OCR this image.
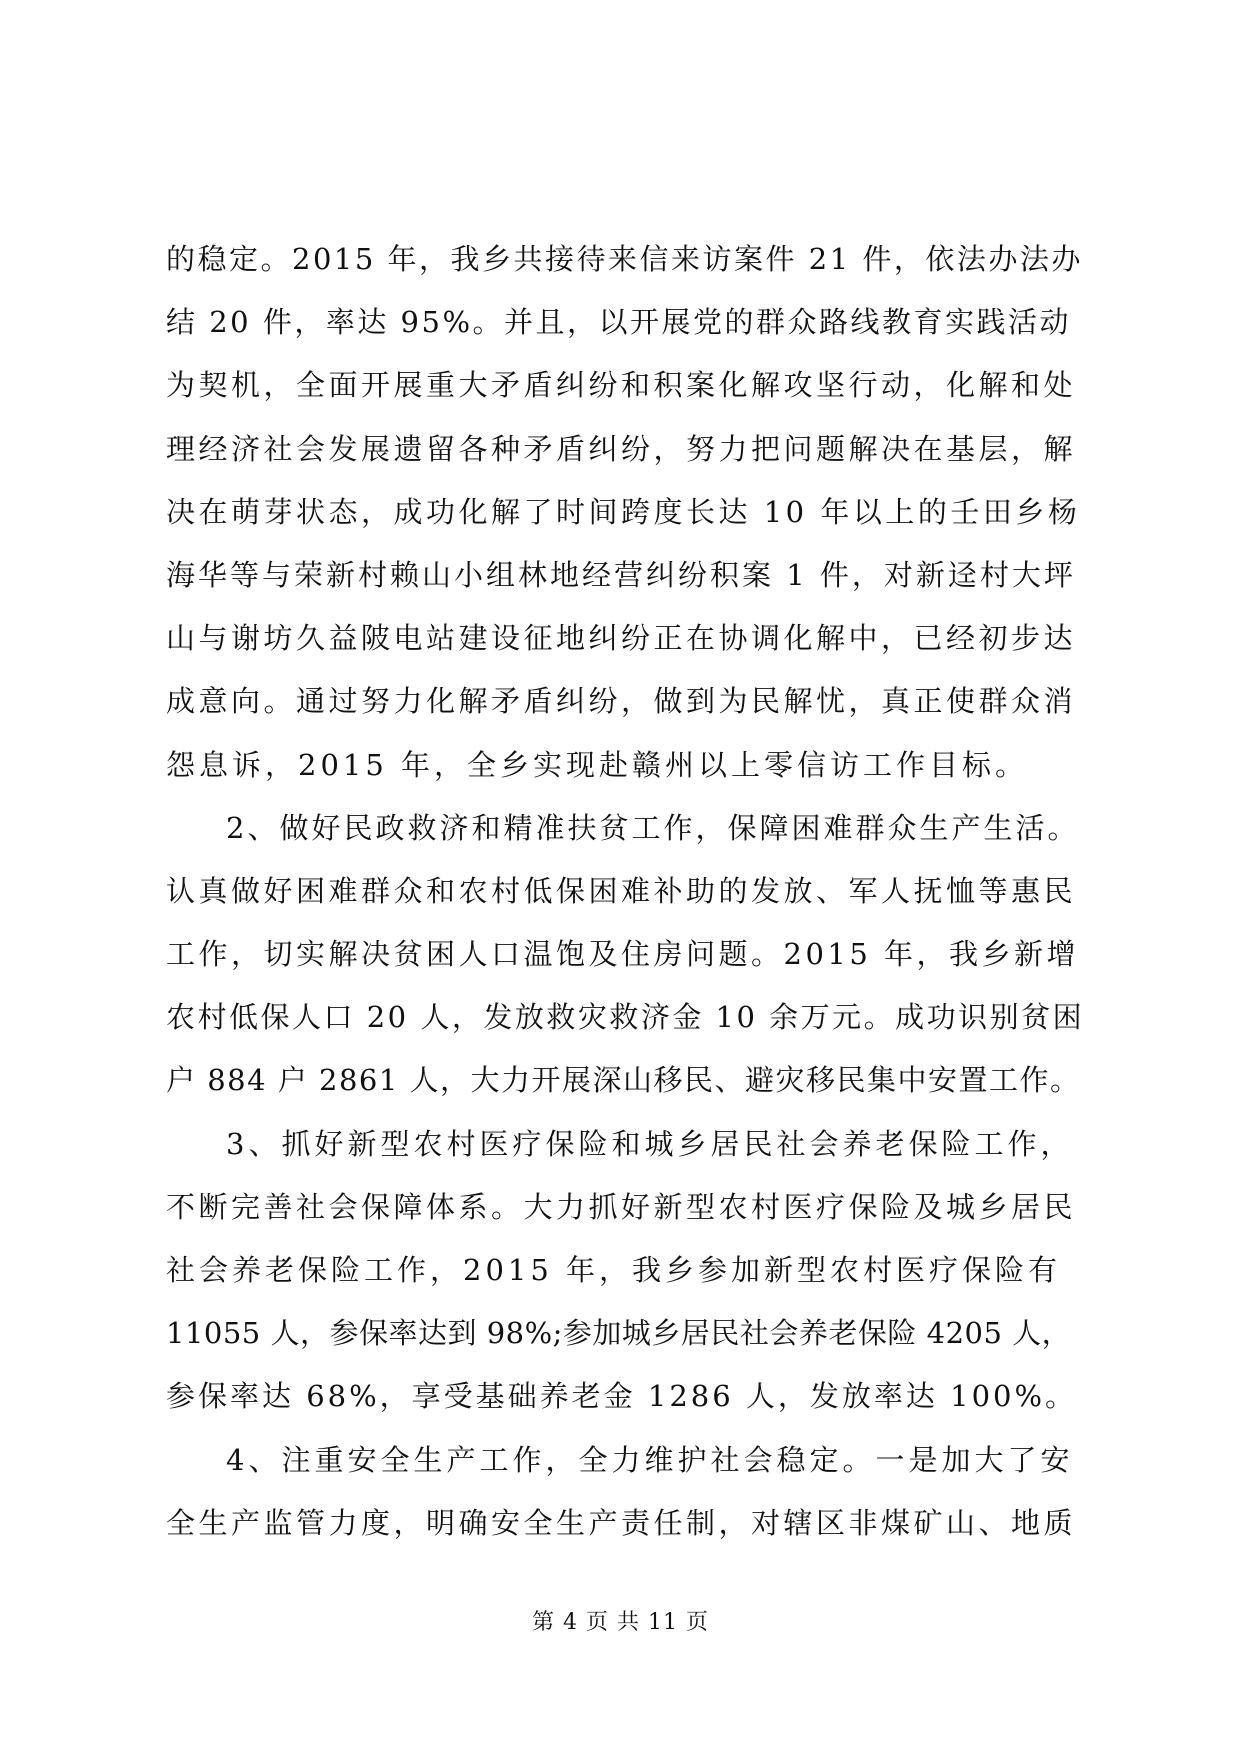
的稳定。2015 年，我乡共接待来信来访案件 21 件，依法办法办
结 20 件，率达 95%。并且，以开展党的群众路线教育实践活动
为契机，全面开展重大矛盾纠纷和积案化解攻坚行动，化解和处
理经济社会发展遗留各种矛盾纠纷，努力把问题解决在基层，解
决在萌芽状态，成功化解了时间跨度长达 10 年以上的壬田乡杨
海华等与荣新村赖山小组林地经营纠纷积案 1 件，对新迳村大坪
山与谢坊久益陂电站建设征地纠纷正在协调化解中，已经初步达
成意向。通过努力化解矛盾纠纷，做到为民解忧，真正使群众消
怨息诉，2015 年，全乡实现赴赣州以上零信访工作目标。
2、做好民政救济和精准扶贫工作，保障困难群众生产生活。
认真做好困难群众和农村低保困难补助的发放、军人抚恤等惠民
工作，切实解决贫困人口温饱及住房问题。2015 年，我乡新增
农村低保人口 20 人，发放救灾救济金 10 余万元。成功识别贫困
户 884 户 2861 人，大力开展深山移民、避灾移民集中安置工作。
3、抓好新型农村医疗保险和城乡居民社会养老保险工作，
不断完善社会保障体系。大力抓好新型农村医疗保险及城乡居民
社会养老保险工作，2015 年，我乡参加新型农村医疗保险有
11055 人，参保率达到 98%;参加城乡居民社会养老保险 4205 人，
参保率达 68%，享受基础养老金 1286 人，发放率达 100%。
4、注重安全生产工作，全力维护社会稳定。一是加大了安
全生产监管力度，明确安全生产责任制，对辖区非煤矿山、地质
第 4 页 共 11 页
